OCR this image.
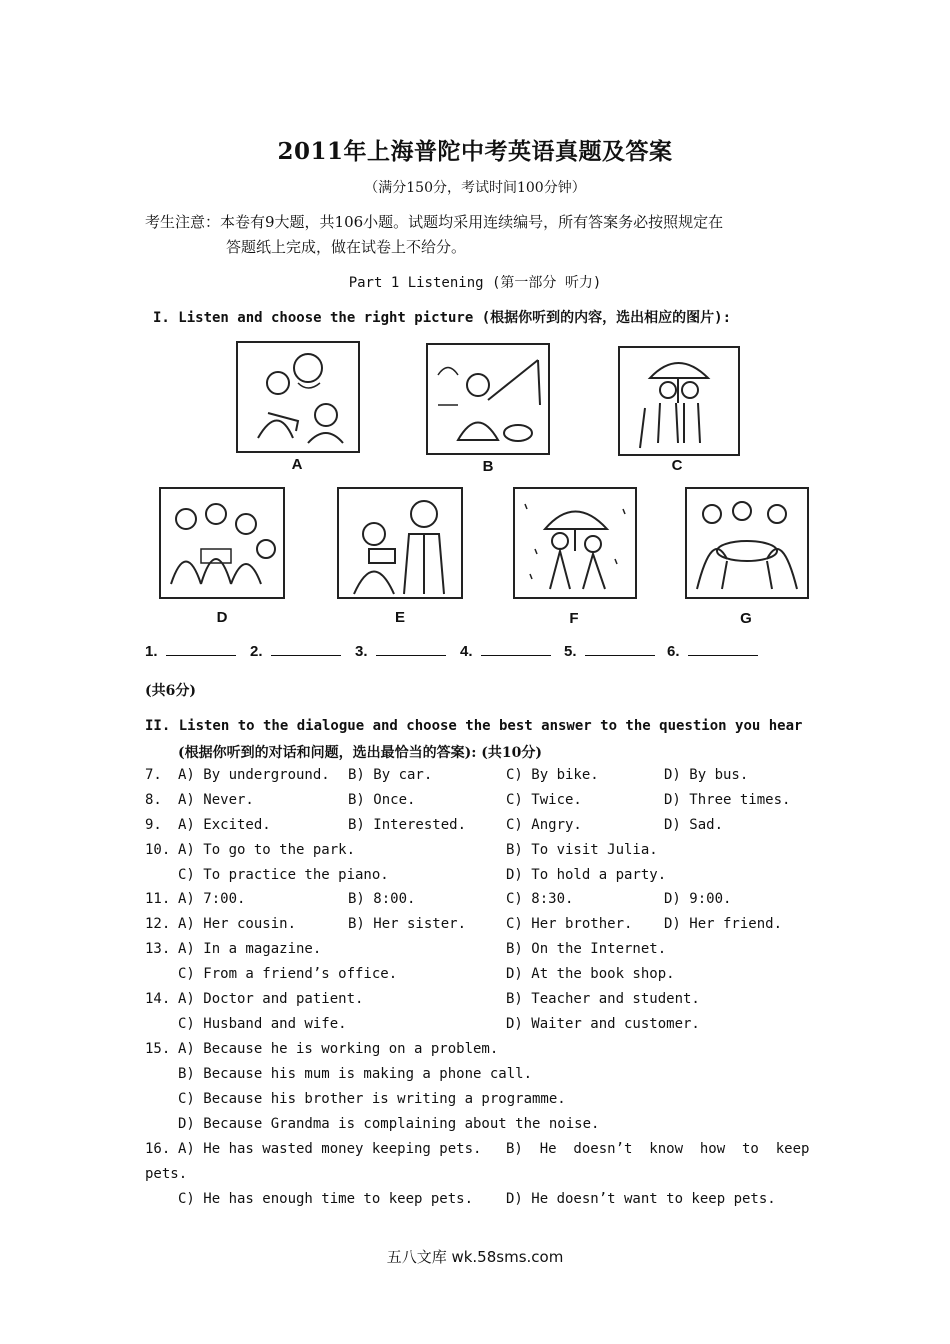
2011年上海普陀中考英语真题及答案
（满分150分，考试时间100分钟）
考生注意：本卷有9大题，共106小题。试题均采用连续编号，所有答案务必按照规定在
答题纸上完成，做在试卷上不给分。
Part 1 Listening (第一部分 听力)
I. Listen and choose the right picture (根据你听到的内容，选出相应的图片):
A	B	C
D	E	F	G
1.	2.	3.	4.	5.	6.
(共6分)
II. Listen to the dialogue and choose the best answer to the question you hear
(根据你听到的对话和问题，选出最恰当的答案): (共10分)
7. A) By underground. B) By car.	C) By bike.	D) By bus.
8. A) Never.	B) Once.	C) Twice.	D) Three times.
9. A) Excited.	B) Interested.	C) Angry.	D) Sad.
10. A) To go to the park.	B) To visit Julia.
C) To practice the piano.	D) To hold a party.
11. A) 7:00.	B) 8:00.	C) 8:30.	D) 9:00.
12. A) Her cousin.	B) Her sister.	C) Her brother. D) Her friend.
13. A) In a magazine.	B) On the Internet.
C) From a friend’s office.	D) At the book shop.
14. A) Doctor and patient.	B) Teacher and student.
C) Husband and wife.	D) Waiter and customer.
15. A) Because he is working on a problem.
B) Because his mum is making a phone call.
C) Because his brother is writing a programme.
D) Because Grandma is complaining about the noise.
16. A) He has wasted money keeping pets. B)  He  doesn’t  know  how  to  keep
pets.
C) He has enough time to keep pets. D) He doesn’t want to keep pets.
五八文库 wk.58sms.com
